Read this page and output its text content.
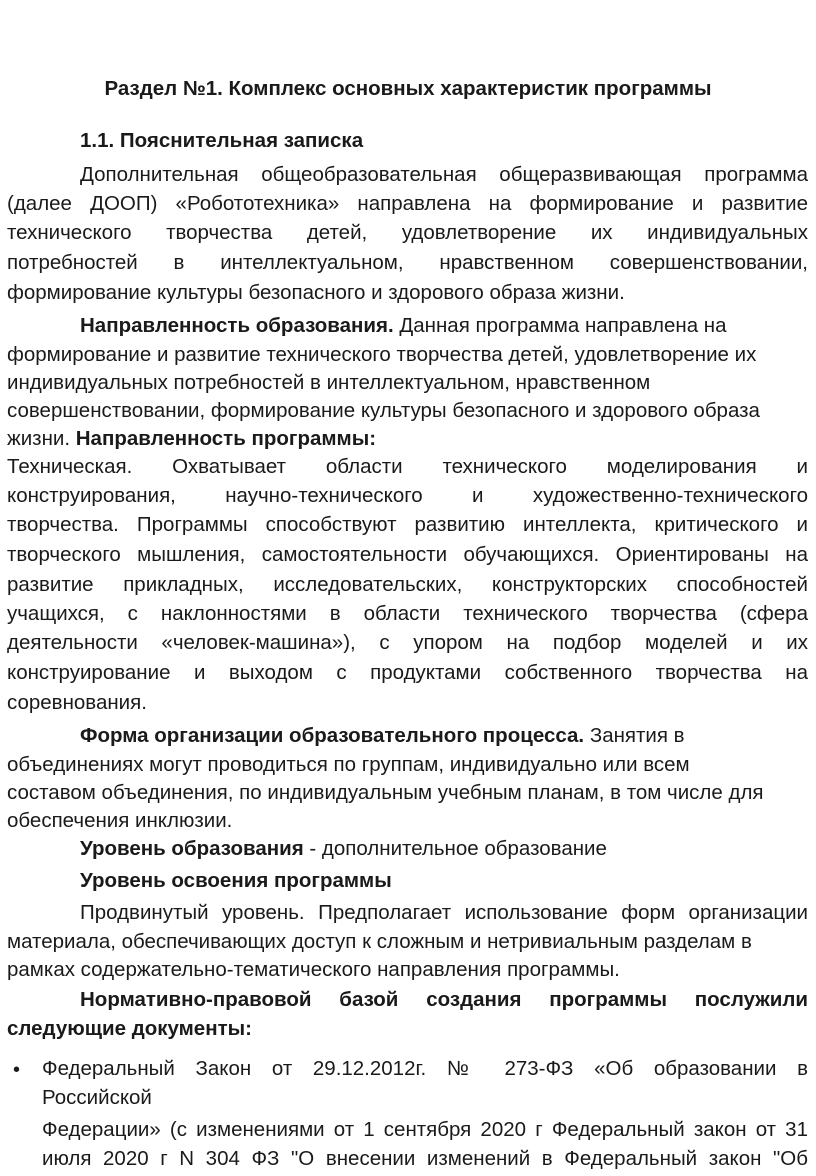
Раздел №1. Комплекс основных характеристик программы
1.1. Пояснительная записка
Дополнительная общеобразовательная общеразвивающая программа
(далее ДООП) «Робототехника» направлена на формирование и развитие
технического творчества детей, удовлетворение их индивидуальных
потребностей в интеллектуальном, нравственном совершенствовании,
формирование культуры безопасного и здорового образа жизни.
Направленность образования. Данная программа направлена на
формирование и развитие технического творчества детей, удовлетворение их
индивидуальных потребностей в интеллектуальном, нравственном
совершенствовании, формирование культуры безопасного и здорового образа
жизни. Направленность программы:
Техническая. Охватывает области технического моделирования и
конструирования, научно-технического и художественно-технического
творчества. Программы способствуют развитию интеллекта, критического и
творческого мышления, самостоятельности обучающихся. Ориентированы на
развитие прикладных, исследовательских, конструкторских способностей
учащихся, с наклонностями в области технического творчества (сфера
деятельности «человек-машина»), с упором на подбор моделей и их
конструирование и выходом с продуктами собственного творчества на
соревнования.
Форма организации образовательного процесса. Занятия в
объединениях могут проводиться по группам, индивидуально или всем
составом объединения, по индивидуальным учебным планам, в том числе для
обеспечения инклюзии.
Уровень образования - дополнительное образование
Уровень освоения программы
Продвинутый уровень. Предполагает использование форм организации
материала, обеспечивающих доступ к сложным и нетривиальным разделам в
рамках содержательно-тематического направления программы.
Нормативно-правовой базой создания программы послужили
следующие документы:
• Федеральный Закон от 29.12.2012г. № 273-ФЗ «Об образовании в
Российской
Федерации» (с изменениями от 1 сентября 2020 г Федеральный закон от 31
июля 2020 г N 304 ФЗ "О внесении изменений в Федеральный закон "Об
